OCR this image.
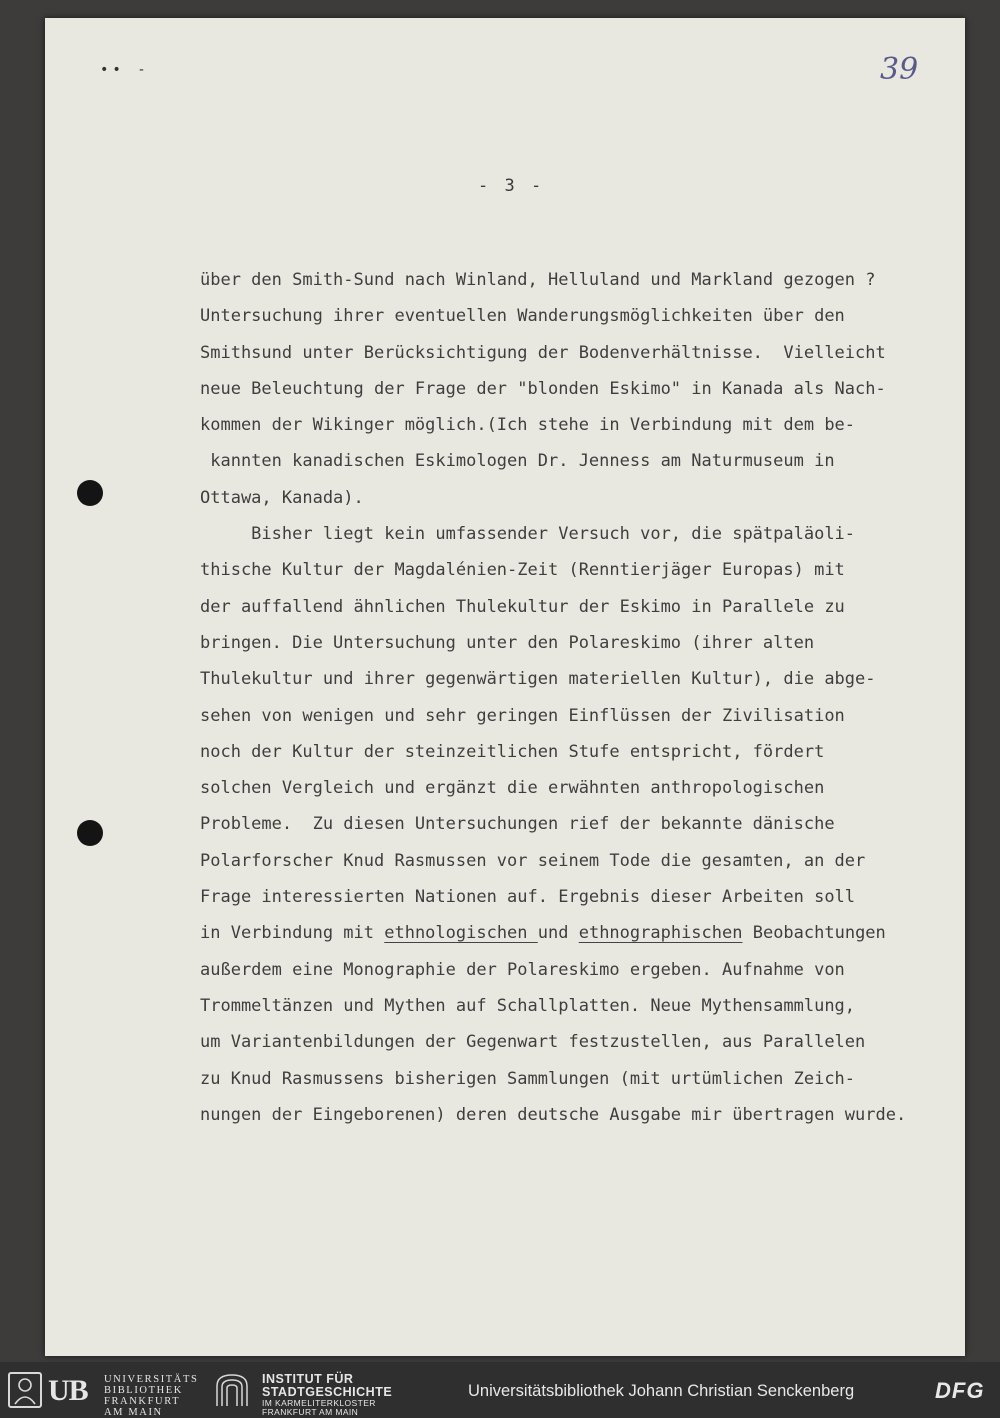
•• -	39
- 3 -
über den Smith-Sund nach Winland, Helluland und Markland gezogen ?
Untersuchung ihrer eventuellen Wanderungsmöglichkeiten über den
Smithsund unter Berücksichtigung der Bodenverhältnisse.  Vielleicht
neue Beleuchtung der Frage der "blonden Eskimo" in Kanada als Nach-
kommen der Wikinger möglich.(Ich stehe in Verbindung mit dem be-
kannten kanadischen Eskimologen Dr. Jenness am Naturmuseum in
Ottawa, Kanada).
Bisher liegt kein umfassender Versuch vor, die spätpaläoli-
thische Kultur der Magdalénien-Zeit (Renntierjäger Europas) mit
der auffallend ähnlichen Thulekultur der Eskimo in Parallele zu
bringen. Die Untersuchung unter den Polareskimo (ihrer alten
Thulekultur und ihrer gegenwärtigen materiellen Kultur), die abge-
sehen von wenigen und sehr geringen Einflüssen der Zivilisation
noch der Kultur der steinzeitlichen Stufe entspricht, fördert
solchen Vergleich und ergänzt die erwähnten anthropologischen
Probleme.  Zu diesen Untersuchungen rief der bekannte dänische
Polarforscher Knud Rasmussen vor seinem Tode die gesamten, an der
Frage interessierten Nationen auf. Ergebnis dieser Arbeiten soll
in Verbindung mit ethnologischen und ethnographischen Beobachtungen
außerdem eine Monographie der Polareskimo ergeben. Aufnahme von
Trommeltänzen und Mythen auf Schallplatten. Neue Mythensammlung,
um Variantenbildungen der Gegenwart festzustellen, aus Parallelen
zu Knud Rasmussens bisherigen Sammlungen (mit urtümlichen Zeich-
nungen der Eingeborenen) deren deutsche Ausgabe mir übertragen wurde.
UB UNIVERSITÄTS
BIBLIOTHEK
FRANKFURT AM MAIN
INSTITUT FÜR
STADTGESCHICHTE
IM KARMELITERKLOSTER
FRANKFURT AM MAIN
Universitätsbibliothek Johann Christian Senckenberg	DFG
